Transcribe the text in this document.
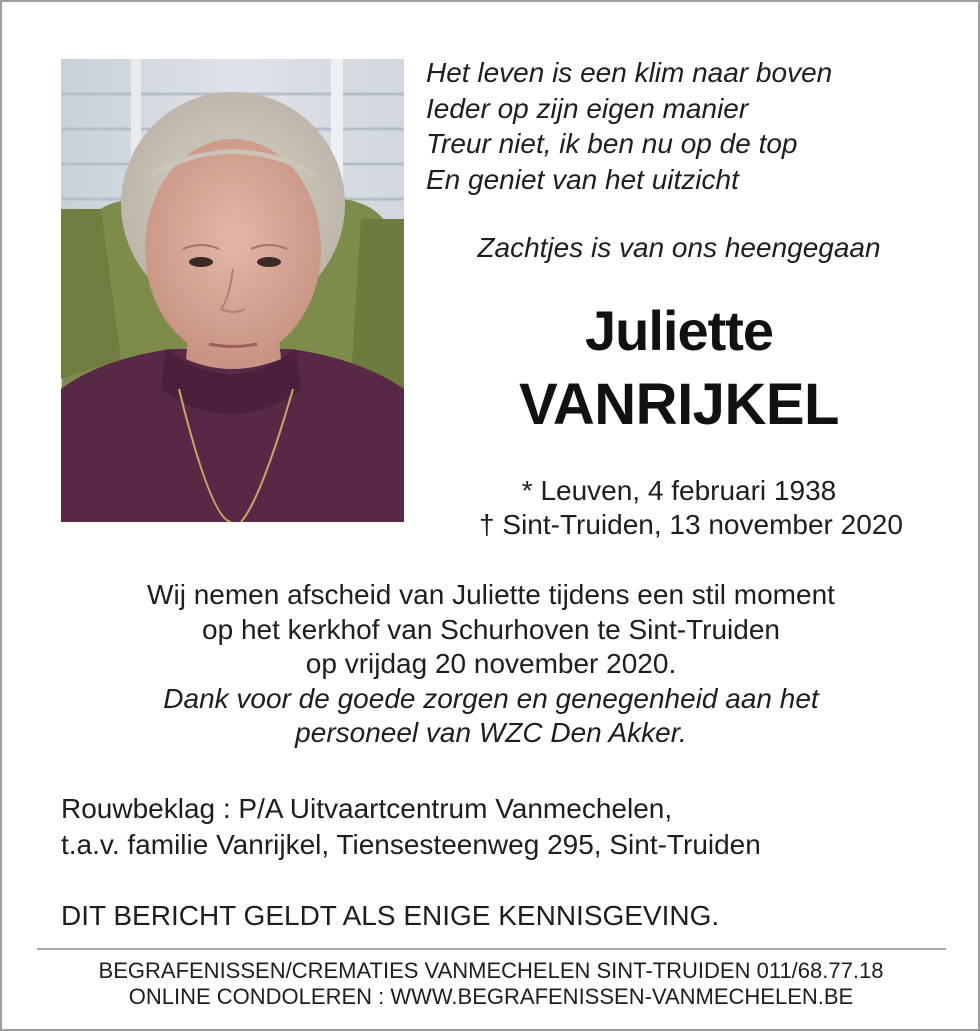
Het leven is een klim naar boven
Ieder op zijn eigen manier
Treur niet, ik ben nu op de top
En geniet van het uitzicht
Zachtjes is van ons heengegaan
Juliette
VANRIJKEL
* Leuven, 4 februari 1938
† Sint-Truiden, 13 november 2020
Wij nemen afscheid van Juliette tijdens een stil moment
op het kerkhof van Schurhoven te Sint-Truiden
op vrijdag 20 november 2020.
Dank voor de goede zorgen en genegenheid aan het
personeel van WZC Den Akker.
Rouwbeklag : P/A Uitvaartcentrum Vanmechelen,
t.a.v. familie Vanrijkel, Tiensesteenweg 295, Sint-Truiden
DIT BERICHT GELDT ALS ENIGE KENNISGEVING.
BEGRAFENISSEN/CREMATIES VANMECHELEN SINT-TRUIDEN 011/68.77.18
ONLINE CONDOLEREN : WWW.BEGRAFENISSEN-VANMECHELEN.BE
